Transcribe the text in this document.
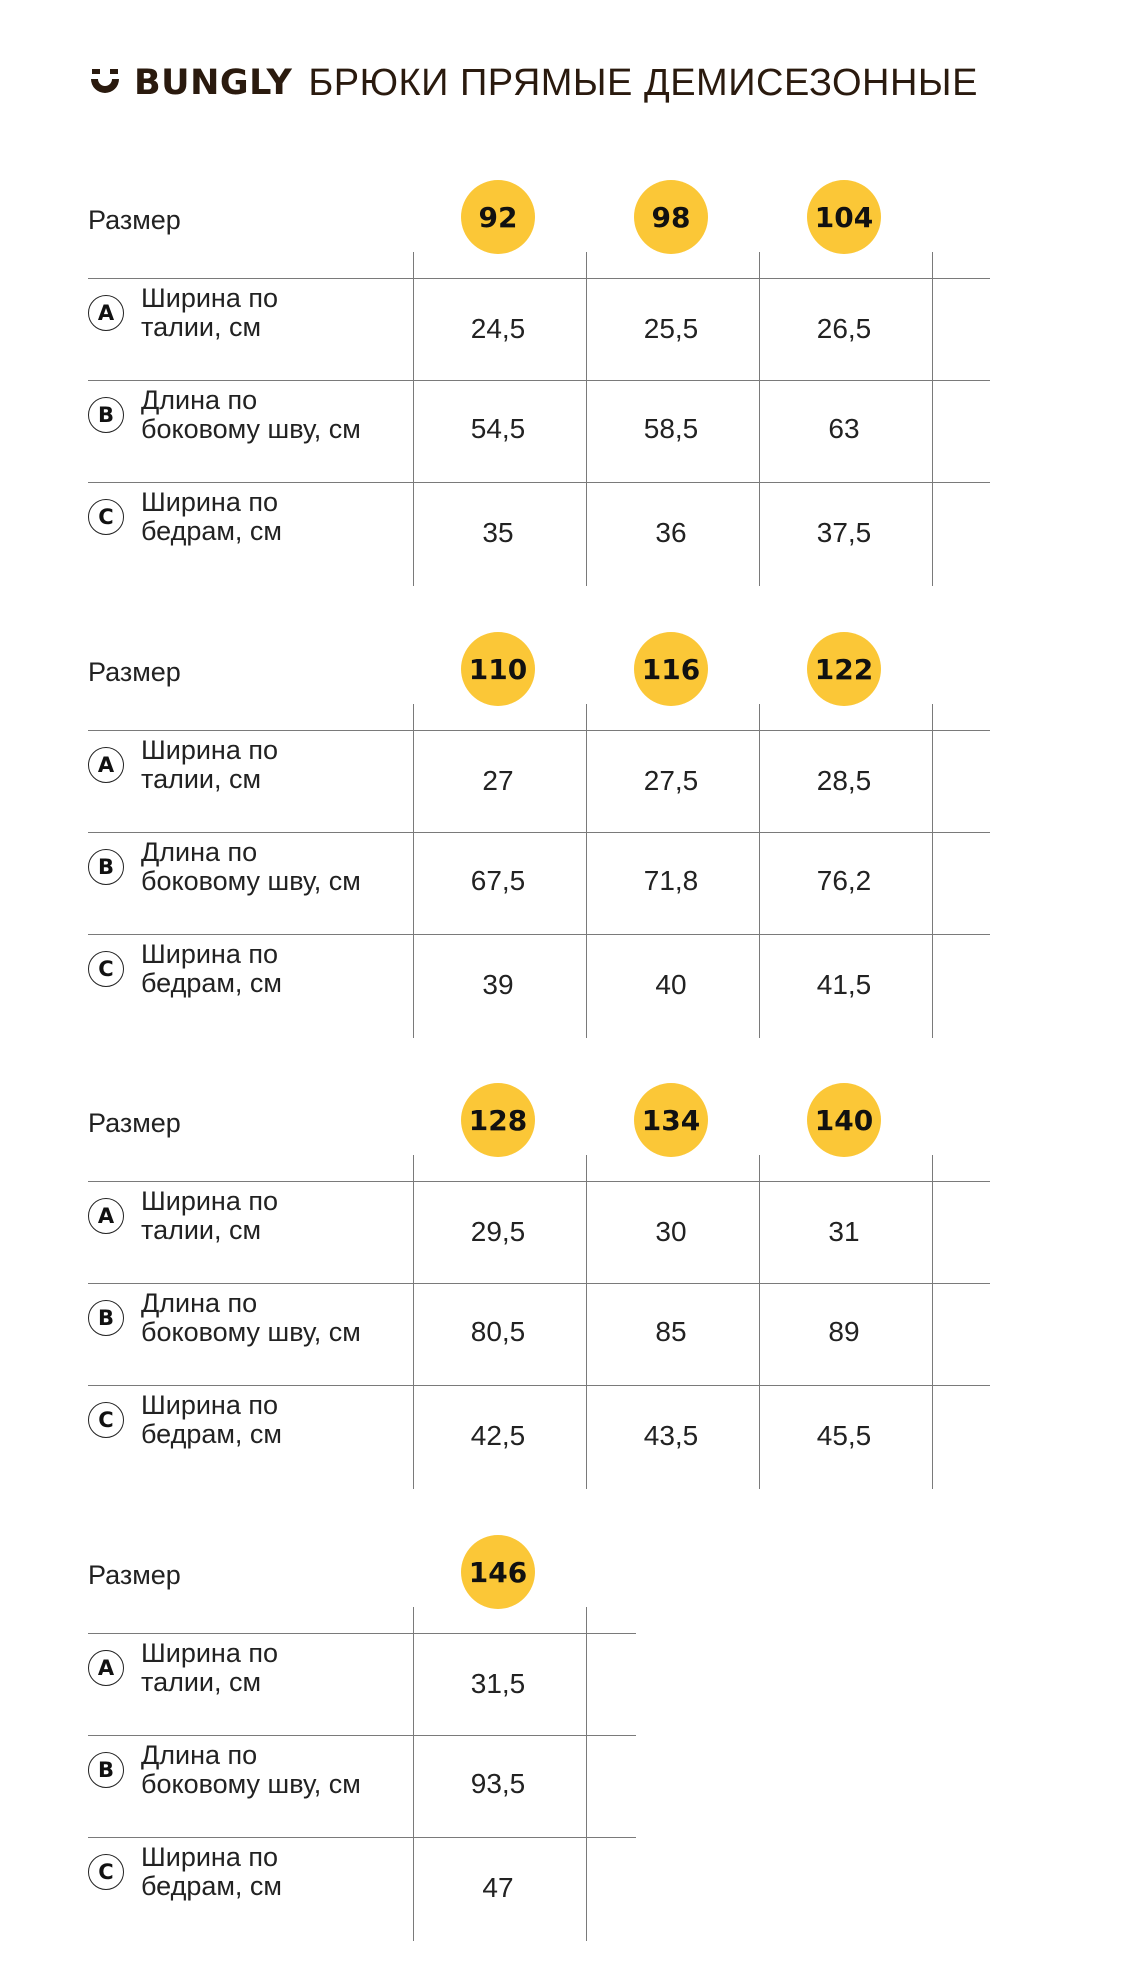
BUNGLY БРЮКИ ПРЯМЫЕ ДЕМИСЕЗОННЫЕ
Размер	92	98	104
A Ширина по
талии, см	24,5	25,5	26,5
B	Длина по
боковому шву, см	54,5	58,5	63
C	Ширина по
бедрам, см	35	36	37,5
Размер	110	116	122
A Ширина по
талии, см	27	27,5	28,5
B	Длина по
боковому шву, см	67,5	71,8	76,2
C	Ширина по
бедрам, см	39	40	41,5
Размер	128	134	140
A Ширина по
талии, см	29,5	30	31
B	Длина по
боковому шву, см	80,5	85	89
C	Ширина по
бедрам, см	42,5	43,5	45,5
Размер	146
A Ширина по
талии, см	31,5
B	Длина по
боковому шву, см	93,5
C	Ширина по
бедрам, см	47
